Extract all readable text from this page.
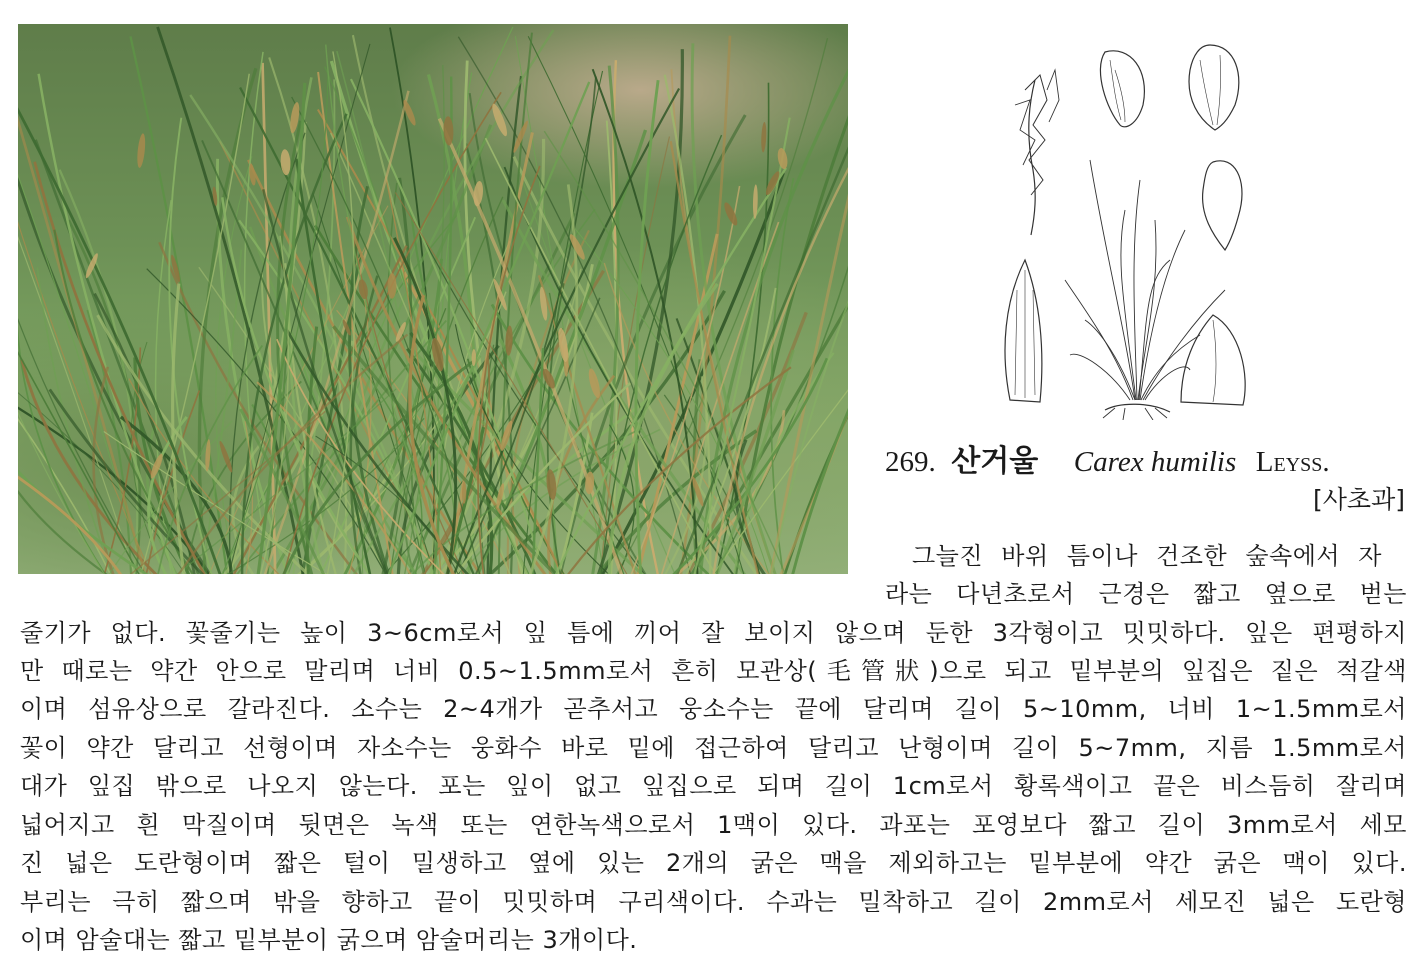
269. 산거울 Carex humilis Leyss.
[사초과]
그늘진 바위 틈이나 건조한 숲속에서 자
라는 다년초로서 근경은 짧고 옆으로 벋는
줄기가 없다. 꽃줄기는 높이 3~6cm로서 잎 틈에 끼어 잘 보이지 않으며 둔한 3각형이고 밋밋하다. 잎은 편평하지
만 때로는 약간 안으로 말리며 너비 0.5~1.5mm로서 흔히 모관상(毛管狀)으로 되고 밑부분의 잎집은 짙은 적갈색
이며 섬유상으로 갈라진다. 소수는 2~4개가 곧추서고 웅소수는 끝에 달리며 길이 5~10mm, 너비 1~1.5mm로서
꽃이 약간 달리고 선형이며 자소수는 웅화수 바로 밑에 접근하여 달리고 난형이며 길이 5~7mm, 지름 1.5mm로서
대가 잎집 밖으로 나오지 않는다. 포는 잎이 없고 잎집으로 되며 길이 1cm로서 황록색이고 끝은 비스듬히 잘리며
넓어지고 흰 막질이며 뒷면은 녹색 또는 연한녹색으로서 1맥이 있다. 과포는 포영보다 짧고 길이 3mm로서 세모
진 넓은 도란형이며 짧은 털이 밀생하고 옆에 있는 2개의 굵은 맥을 제외하고는 밑부분에 약간 굵은 맥이 있다.
부리는 극히 짧으며 밖을 향하고 끝이 밋밋하며 구리색이다. 수과는 밀착하고 길이 2mm로서 세모진 넓은 도란형
이며 암술대는 짧고 밑부분이 굵으며 암술머리는 3개이다.
